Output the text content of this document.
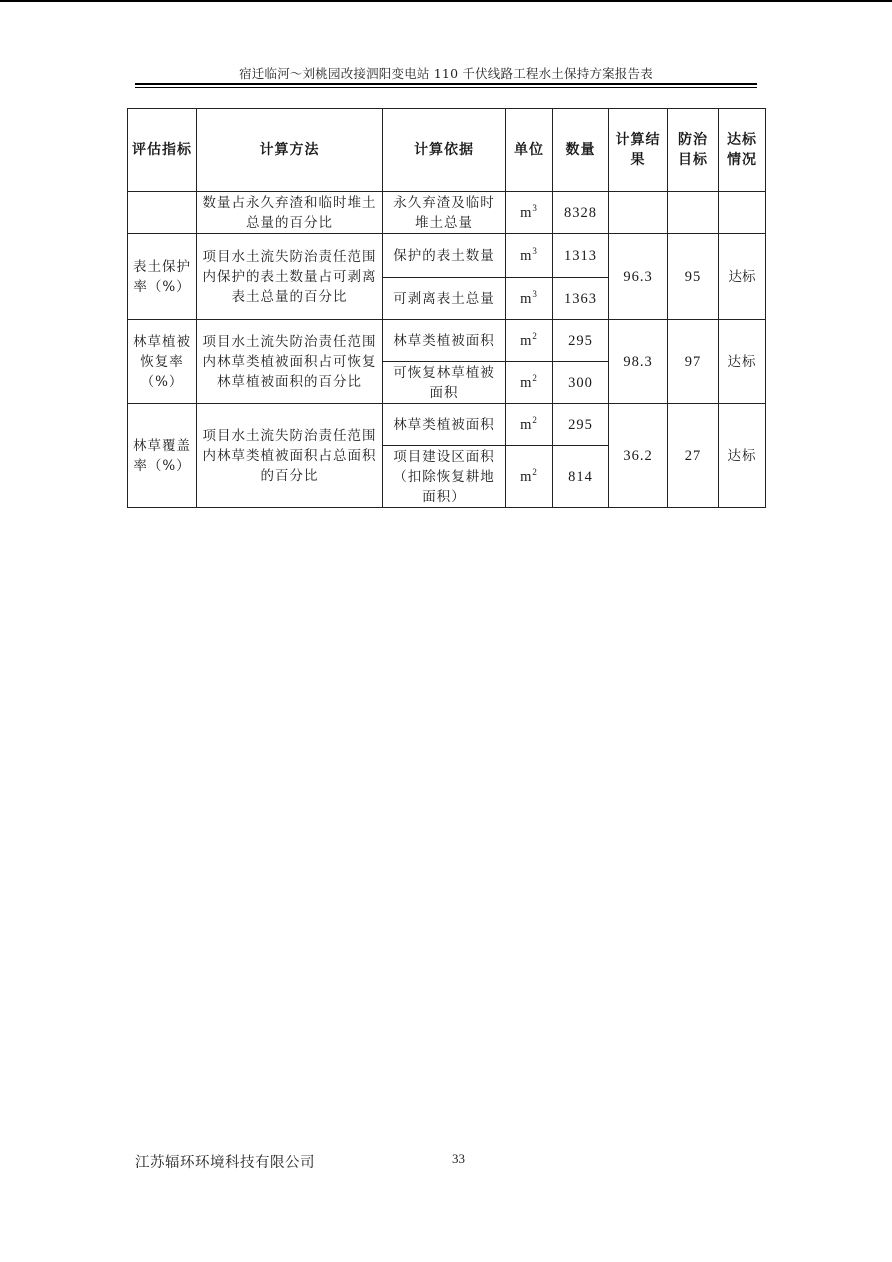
宿迁临河～刘桃园改接泗阳变电站 110 千伏线路工程水土保持方案报告表
评估指标	计算方法	计算依据	单位	数量	计算结果	防治目标	达标情况
	数量占永久弃渣和临时堆土总量的百分比	永久弃渣及临时堆土总量	$m^3$	8328			
表土保护率（%）	项目水土流失防治责任范围内保护的表土数量占可剥离表土总量的百分比	保护的表土数量	$m^3$	1313	96.3	95	达标
		可剥离表土总量	$m^3$	1363			
林草植被恢复率（%）	项目水土流失防治责任范围内林草类植被面积占可恢复林草植被面积的百分比	林草类植被面积	$m^2$	295	98.3	97	达标
		可恢复林草植被面积	$m^2$	300			
林草覆盖率（%）	项目水土流失防治责任范围内林草类植被面积占总面积的百分比	林草类植被面积	$m^2$	295	36.2	27	达标
		项目建设区面积（扣除恢复耕地面积）	$m^2$	814			
江苏辐环环境科技有限公司	33
